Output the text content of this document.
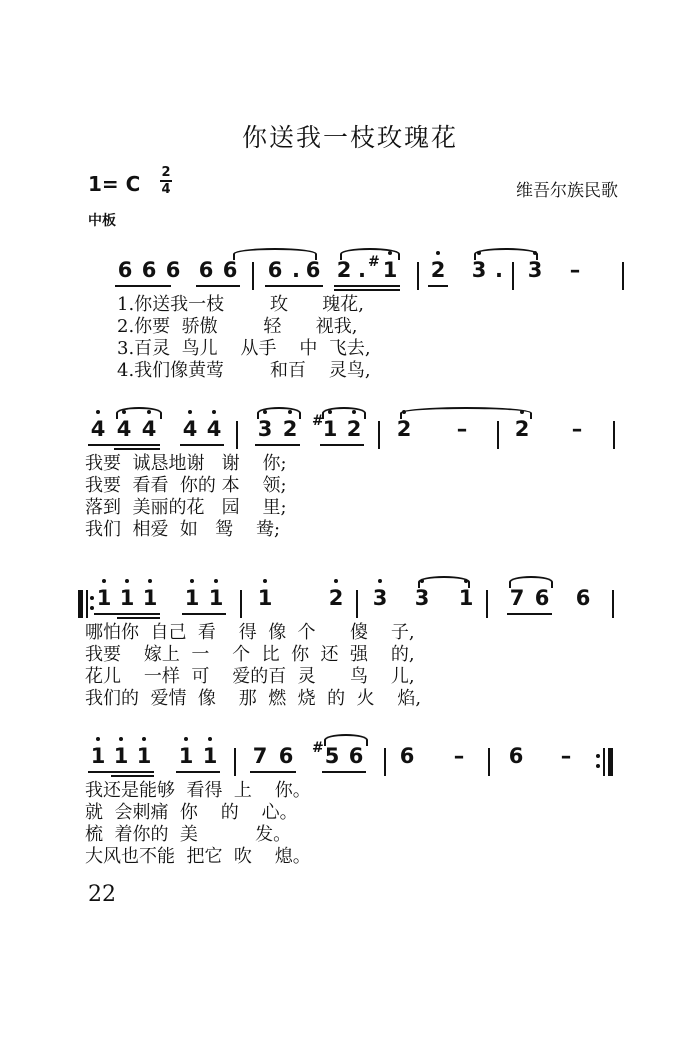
你送我一枝玫瑰花
1= C 2
4	维吾尔族民歌
中板
6 6 6 6 6 6 . 6 2 . 1
# 2 3 . 3 –
1.你送我一枝        玫      瑰花,
2.你要  骄傲        轻      视我,
3.百灵  鸟儿    从手    中  飞去,
4.我们像黄莺        和百    灵鸟,
4 4 4 4 4 3 2 #
1 2 2 – 2 –
我要  诚恳地谢   谢    你;
我要  看看  你的 本    领;
落到  美丽的花   园    里;
我们  相爱  如   鸳    鸯;
1 1 1 1 1 1	2 3 3 1 7 6 6
哪怕你  自己  看    得  像  个      傻    子,
我要    嫁上  一    个  比  你  还  强    的,
花儿    一样  可    爱的百  灵      鸟    儿,
我们的  爱情  像    那  燃  烧  的  火    焰,
1 1 1 1 1 7 6 # 5 6 6 – 6 –
我还是能够  看得  上    你。
就  会刺痛  你    的    心。
梳  着你的  美          发。
大风也不能  把它  吹    熄。
22
